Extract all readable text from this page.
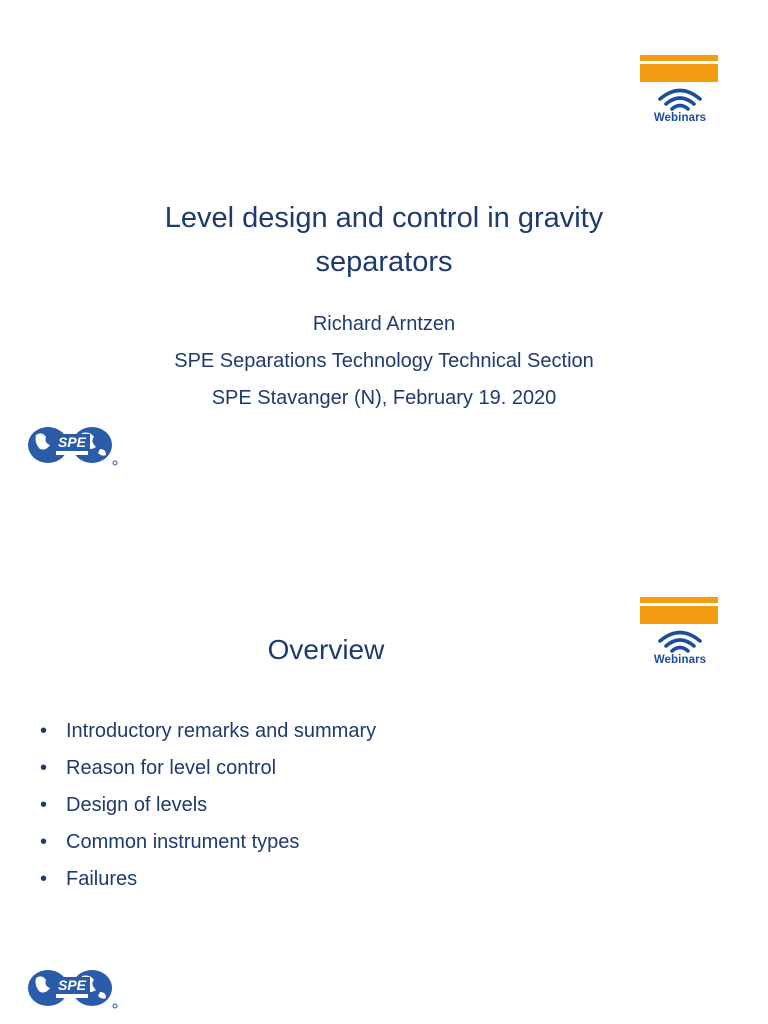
Webinars
Level design and control in gravity
separators
Richard Arntzen
SPE Separations Technology Technical Section
SPE Stavanger (N), February 19. 2020
SPE
Webinars
Overview
• Introductory remarks and summary
• Reason for level control
• Design of levels
• Common instrument types
• Failures
SPE
